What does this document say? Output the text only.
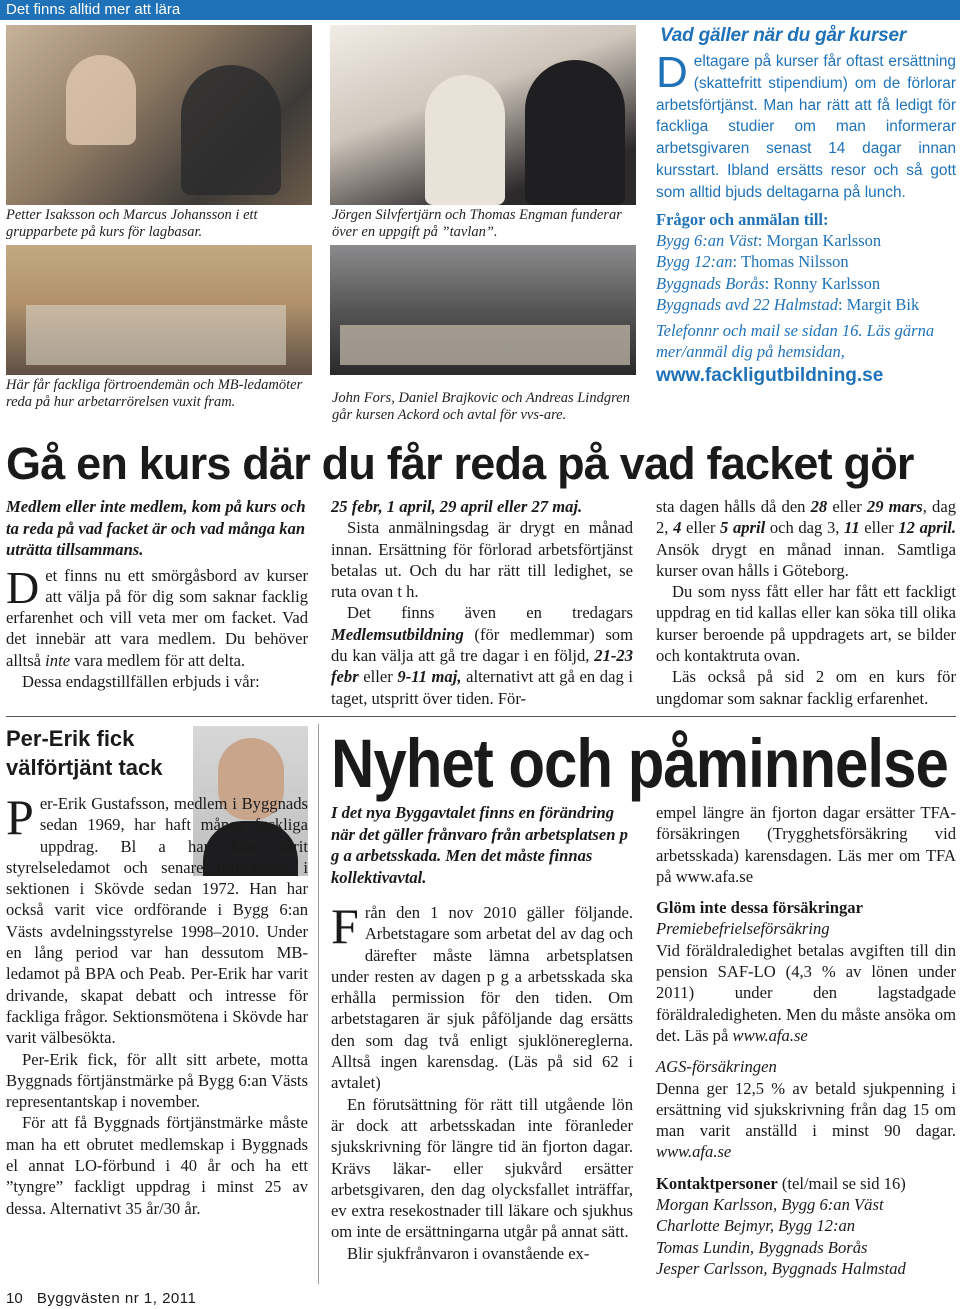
Det finns alltid mer att lära
Petter Isaksson och Marcus Johansson i ett grupparbete på kurs för lagbasar.
Här får fackliga förtroendemän och MB-ledamöter reda på hur arbetarrörelsen vuxit fram.
Jörgen Silvfertjärn och Thomas Engman funderar över en uppgift på ”tavlan”.
John Fors, Daniel Brajkovic och Andreas Lindgren går kursen Ackord och avtal för vvs-are.
Vad gäller när du går kurser
Deltagare på kurser får oftast ersättning (skattefritt stipendium) om de förlorar arbetsförtjänst. Man har rätt att få ledigt för fackliga studier om man informerar arbetsgivaren senast 14 dagar innan kursstart. Ibland ersätts resor och så gott som alltid bjuds deltagarna på lunch.
Frågor och anmälan till:
Bygg 6:an Väst: Morgan Karlsson
Bygg 12:an: Thomas Nilsson
Byggnads Borås: Ronny Karlsson
Byggnads avd 22 Halmstad: Margit Bik
Telefonnr och mail se sidan 16. Läs gärna mer/anmäl dig på hemsidan,
www.fackligutbildning.se
Gå en kurs där du får reda på vad facket gör
Medlem eller inte medlem, kom på kurs och ta reda på vad facket är och vad många kan uträtta tillsammans.

Det finns nu ett smörgåsbord av kurser att välja på för dig som saknar facklig erfarenhet och vill veta mer om facket. Vad det innebär att vara medlem. Du behöver alltså inte vara medlem för att delta.

Dessa endagstillfällen erbjuds i vår:

25 febr, 1 april, 29 april eller 27 maj.

Sista anmälningsdag är drygt en månad innan. Ersättning för förlorad arbetsförtjänst betalas ut. Och du har rätt till ledighet, se ruta ovan t h.

Det finns även en tredagars Medlemsutbildning (för medlemmar) som du kan välja att gå tre dagar i en följd, 21-23 febr eller 9-11 maj, alternativt att gå en dag i taget, utspritt över tiden. För-

sta dagen hålls då den 28 eller 29 mars, dag 2, 4 eller 5 april och dag 3, 11 eller 12 april. Ansök drygt en månad innan. Samtliga kurser ovan hålls i Göteborg.

Du som nyss fått eller har fått ett fackligt uppdrag en tid kallas eller kan söka till olika kurser beroende på uppdragets art, se bilder och kontaktruta ovan.

Läs också på sid 2 om en kurs för ungdomar som saknar facklig erfarenhet.

Per-Erik fick välförtjänt tack

Per-Erik Gustafsson, medlem i Byggnads sedan 1969, har haft många fackliga uppdrag. Bl a har han varit styrelseledamot och senare ordförande i sektionen i Skövde sedan 1972. Han har också varit vice ordförande i Bygg 6:an Västs avdelningsstyrelse 1998–2010. Under en lång period var han dessutom MB-ledamot på BPA och Peab. Per-Erik har varit drivande, skapat debatt och intresse för fackliga frågor. Sektionsmötena i Skövde har varit välbesökta.

Per-Erik fick, för allt sitt arbete, motta Byggnads förtjänstmärke på Bygg 6:an Västs representantskap i november.

För att få Byggnads förtjänstmärke måste man ha ett obrutet medlemskap i Byggnads el annat LO-förbund i 40 år och ha ett ”tyngre” fackligt uppdrag i minst 25 av dessa. Alternativt 35 år/30 år.

Nyhet och påminnelse
I det nya Byggavtalet finns en förändring när det gäller frånvaro från arbetsplatsen p g a arbetsskada. Men det måste finnas kollektivavtal.

Från den 1 nov 2010 gäller följande. Arbetstagare som arbetat del av dag och därefter måste lämna arbetsplatsen under resten av dagen p g a arbetsskada ska erhålla permission för den tiden. Om arbetstagaren är sjuk påföljande dag ersätts den som dag två enligt sjuklönereglerna. Alltså ingen karensdag. (Läs på sid 62 i avtalet)

En förutsättning för rätt till utgående lön är dock att arbetsskadan inte föranleder sjukskrivning för längre tid än fjorton dagar. Krävs läkar- eller sjukvård ersätter arbetsgivaren, den dag olycksfallet inträffar, ev extra resekostnader till läkare och sjukhus om inte de ersättningarna utgår på annat sätt.

Blir sjukfrånvaron i ovanstående ex-

empel längre än fjorton dagar ersätter TFA-försäkringen (Trygghetsförsäkring vid arbetsskada) karensdagen. Läs mer om TFA på www.afa.se

Glöm inte dessa försäkringar

Premiebefrielseförsäkring

Vid föräldraledighet betalas avgiften till din pension SAF-LO (4,3 % av lönen under 2011) under den lagstadgade föräldraledigheten. Men du måste ansöka om det. Läs på www.afa.se

AGS-försäkringen

Denna ger 12,5 % av betald sjukpenning i ersättning vid sjukskrivning från dag 15 om man varit anställd i minst 90 dagar. www.afa.se

Kontaktpersoner (tel/mail se sid 16)

Morgan Karlsson, Bygg 6:an Väst

Charlotte Bejmyr, Bygg 12:an

Tomas Lundin, Byggnads Borås

Jesper Carlsson, Byggnads Halmstad

10 Byggvästen nr 1, 2011
